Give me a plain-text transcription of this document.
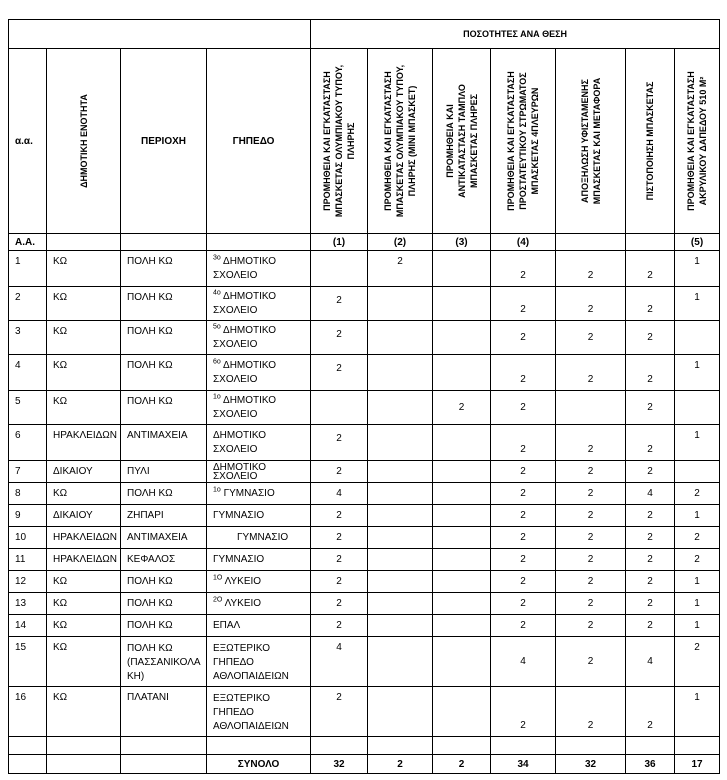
				ΠΟΣΟΤΗΤΕΣ ΑΝΑ ΘΕΣΗ						
α.α.	ΔΗΜΟΤΙΚΗ ΕΝΟΤΗΤΑ	ΠΕΡΙΟΧΗ	ΓΗΠΕΔΟ	ΠΡΟΜΗΘΕΙΑ ΚΑΙ ΕΓΚΑΤΑΣΤΑΣΗ ΜΠΑΣΚΕΤΑΣ ΟΛΥΜΠΙΑΚΟΥ ΤΥΠΟΥ, ΠΛΗΡΗΣ	ΠΡΟΜΗΘΕΙΑ ΚΑΙ ΕΓΚΑΤΑΣΤΑΣΗ ΜΠΑΣΚΕΤΑΣ ΟΛΥΜΠΙΑΚΟΥ ΤΥΠΟΥ, ΠΛΗΡΗΣ (ΜΙΝΙ ΜΠΑΣΚΕΤ)	ΠΡΟΜΗΘΕΙΑ ΚΑΙ ΑΝΤΙΚΑΤΑΣΤΑΣΗ ΤΑΜΠΛΟ ΜΠΑΣΚΕΤΑΣ ΠΛΗΡΕΣ	ΠΡΟΜΗΘΕΙΑ ΚΑΙ ΕΓΚΑΤΑΣΤΑΣΗ ΠΡΟΣΤΑΤΕΥΤΙΚΟΥ ΣΤΡΩΜΑΤΟΣ ΜΠΑΣΚΕΤΑΣ 4ΠΛΕΥΡΩΝ	ΑΠΟΞΗΛΩΣΗ ΥΦΙΣΤΑΜΕΝΗΣ ΜΠΑΣΚΕΤΑΣ ΚΑΙ ΜΕΤΑΦΟΡΑ	ΠΙΣΤΟΠΟΙΗΣΗ ΜΠΑΣΚΕΤΑΣ	ΠΡΟΜΗΘΕΙΑ ΚΑΙ ΕΓΚΑΤΑΣΤΑΣΗ ΑΚΡΥΛΙΚΟΥ ΔΑΠΕΔΟΥ 510 Μ²

Α.Α.				(1)	(2)	(3)	(4)			(5)
1	ΚΩ	ΠΟΛΗ ΚΩ	$^{3o}$ ΔΗΜΟΤΙΚΟ
ΣΧΟΛΕΙΟ		2		2	2	2	1
2	ΚΩ	ΠΟΛΗ ΚΩ	$^{4o}$ ΔΗΜΟΤΙΚΟ
ΣΧΟΛΕΙΟ	2			2	2	2	1
3	ΚΩ	ΠΟΛΗ ΚΩ	$^{5o}$ ΔΗΜΟΤΙΚΟ
ΣΧΟΛΕΙΟ	2			2	2	2	
4	ΚΩ	ΠΟΛΗ ΚΩ	$^{6o}$ ΔΗΜΟΤΙΚΟ
ΣΧΟΛΕΙΟ	2			2	2	2	1
5	ΚΩ	ΠΟΛΗ ΚΩ	$^{1o}$ ΔΗΜΟΤΙΚΟ
ΣΧΟΛΕΙΟ			2	2		2	
6	ΗΡΑΚΛΕΙΔΩΝ	ΑΝΤΙΜΑΧΕΙΑ	ΔΗΜΟΤΙΚΟ
ΣΧΟΛΕΙΟ	2			2	2	2	1
7	ΔΙΚΑΙΟΥ	ΠΥΛΙ	ΔΗΜΟΤΙΚΟ
ΣΧΟΛΕΙΟ	2			2	2	2	
8	ΚΩ	ΠΟΛΗ ΚΩ	$^{1o}$ ΓΥΜΝΑΣΙΟ	4			2	2	4	2
9	ΔΙΚΑΙΟΥ	ΖΗΠΑΡΙ	ΓΥΜΝΑΣΙΟ	2			2	2	2	1
10	ΗΡΑΚΛΕΙΔΩΝ	ΑΝΤΙΜΑΧΕΙΑ	ΓΥΜΝΑΣΙΟ	2			2	2	2	2
11	ΗΡΑΚΛΕΙΔΩΝ	ΚΕΦΑΛΟΣ	ΓΥΜΝΑΣΙΟ	2			2	2	2	2
12	ΚΩ	ΠΟΛΗ ΚΩ	$^{1O}$ ΛΥΚΕΙΟ	2			2	2	2	1
13	ΚΩ	ΠΟΛΗ ΚΩ	$^{2O}$ ΛΥΚΕΙΟ	2			2	2	2	1
14	ΚΩ	ΠΟΛΗ ΚΩ	ΕΠΑΛ	2			2	2	2	1
15	ΚΩ	ΠΟΛΗ ΚΩ
(ΠΑΣΣΑΝΙΚΟΛΑ
ΚΗ)	ΕΞΩΤΕΡΙΚΟ
ΓΗΠΕΔΟ
ΑΘΛΟΠΑΙΔΕΙΩΝ	4			4	2	4	2
16	ΚΩ	ΠΛΑΤΑΝΙ	ΕΞΩΤΕΡΙΚΟ
ΓΗΠΕΔΟ
ΑΘΛΟΠΑΙΔΕΙΩΝ	2			2	2	2	1

			ΣΥΝΟΛΟ	32	2	2	34	32	36	17
